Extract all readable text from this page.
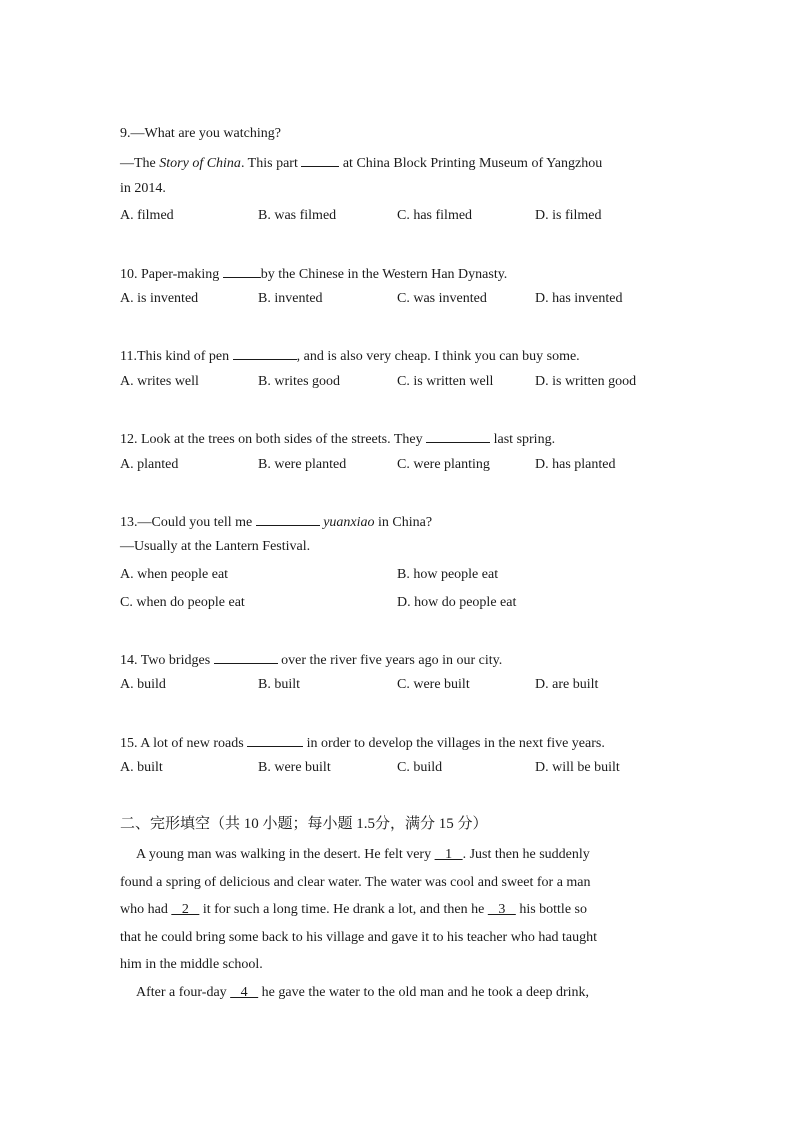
9.—What are you watching?
—The Story of China. This part	at China Block Printing Museum of Yangzhou
in 2014.
A. filmed	B. was filmed	C. has filmed	D. is filmed
10. Paper-making	by the Chinese in the Western Han Dynasty.
A. is invented	B. invented	C. was invented	D. has invented
11.This kind of pen	, and is also very cheap. I think you can buy some.
A. writes well	B. writes good	C. is written well	D. is written good
12. Look at the trees on both sides of the streets. They	last spring.
A. planted	B. were planted	C. were planting	D. has planted
13.—Could you tell me	yuanxiao in China?
—Usually at the Lantern Festival.
A. when people eat	B. how people eat
C. when do people eat	D. how do people eat
14. Two bridges	over the river five years ago in our city.
A. build	B. built	C. were built	D. are built
15. A lot of new roads	in order to develop the villages in the next five years.
A. built	B. were built	C. build	D. will be built
二、完形填空（共 10 小题；每小题 1.5分，满分 15 分）
A young man was walking in the desert. He felt very    1   . Just then he suddenly
found a spring of delicious and clear water. The water was cool and sweet for a man
who had    2    it for such a long time. He drank a lot, and then he    3    his bottle so
that he could bring some back to his village and gave it to his teacher who had taught
him in the middle school.
After a four-day    4    he gave the water to the old man and he took a deep drink,
